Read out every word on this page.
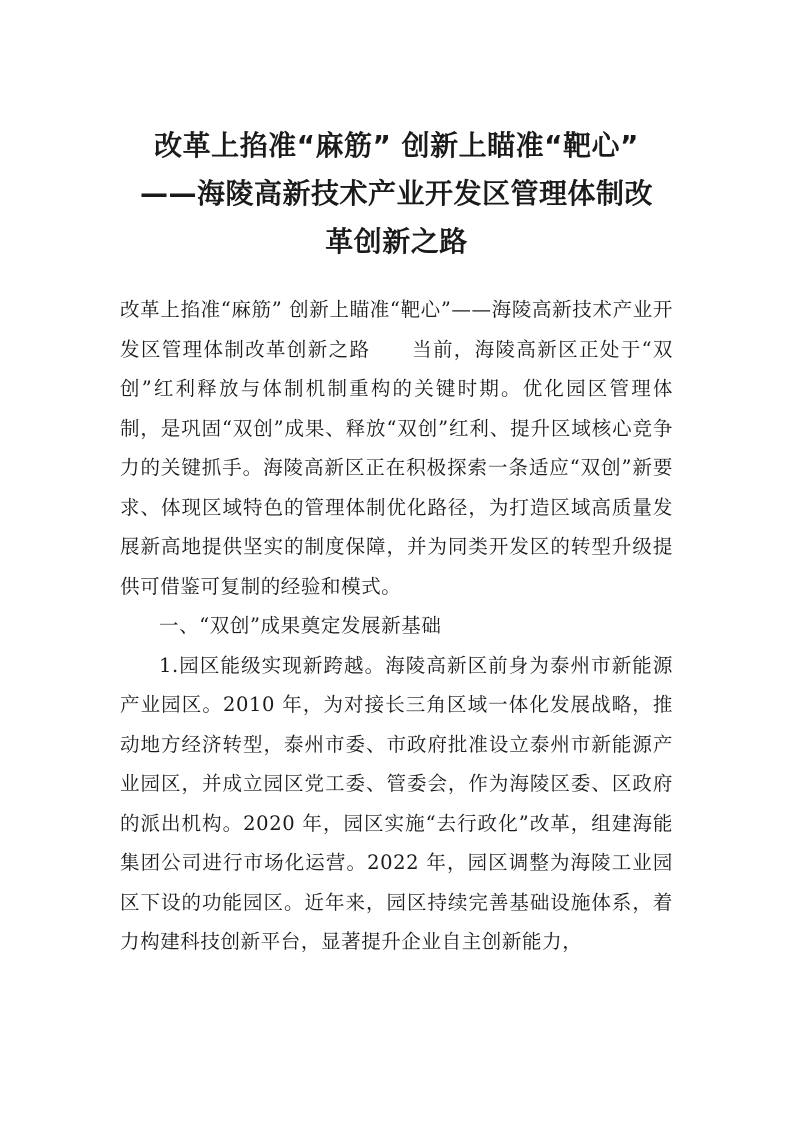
改革上掐准“麻筋” 创新上瞄准“靶心”
——海陵高新技术产业开发区管理体制改
革创新之路

改革上掐准“麻筋” 创新上瞄准“靶心”——海陵高新技术产业开发区管理体制改革创新之路　　当前，海陵高新区正处于“双创”红利释放与体制机制重构的关键时期。优化园区管理体制，是巩固“双创”成果、释放“双创”红利、提升区域核心竞争力的关键抓手。海陵高新区正在积极探索一条适应“双创”新要求、体现区域特色的管理体制优化路径，为打造区域高质量发展新高地提供坚实的制度保障，并为同类开发区的转型升级提供可借鉴可复制的经验和模式。

一、“双创”成果奠定发展新基础

1.园区能级实现新跨越。海陵高新区前身为泰州市新能源产业园区。2010 年，为对接长三角区域一体化发展战略，推动地方经济转型，泰州市委、市政府批准设立泰州市新能源产业园区，并成立园区党工委、管委会，作为海陵区委、区政府的派出机构。2020 年，园区实施“去行政化”改革，组建海能集团公司进行市场化运营。2022 年，园区调整为海陵工业园区下设的功能园区。近年来，园区持续完善基础设施体系，着力构建科技创新平台，显著提升企业自主创新能力，
